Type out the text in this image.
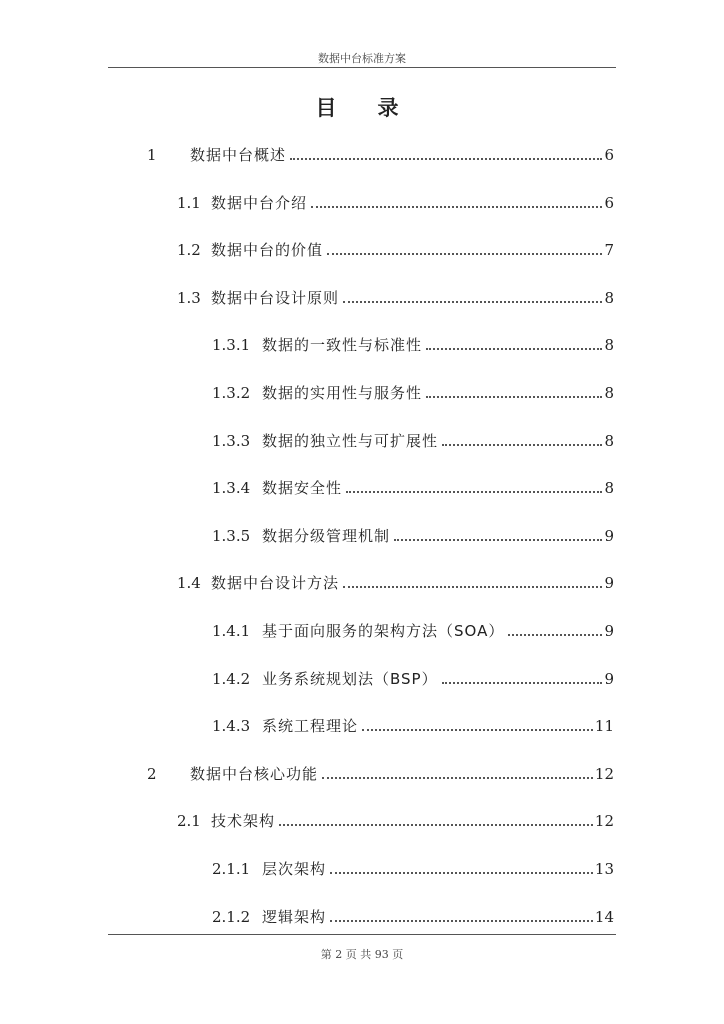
数据中台标准方案
目　录
1	数据中台概述	6
1.1 数据中台介绍	6
1.2 数据中台的价值	7
1.3 数据中台设计原则	8
1.3.1 数据的一致性与标准性	8
1.3.2 数据的实用性与服务性	8
1.3.3 数据的独立性与可扩展性	8
1.3.4 数据安全性	8
1.3.5 数据分级管理机制	9
1.4 数据中台设计方法	9
1.4.1 基于面向服务的架构方法（SOA）	9
1.4.2 业务系统规划法（BSP）	9
1.4.3 系统工程理论	11
2	数据中台核心功能	12
2.1 技术架构	12
2.1.1 层次架构	13
2.1.2 逻辑架构	14
第 2 页 共 93 页
